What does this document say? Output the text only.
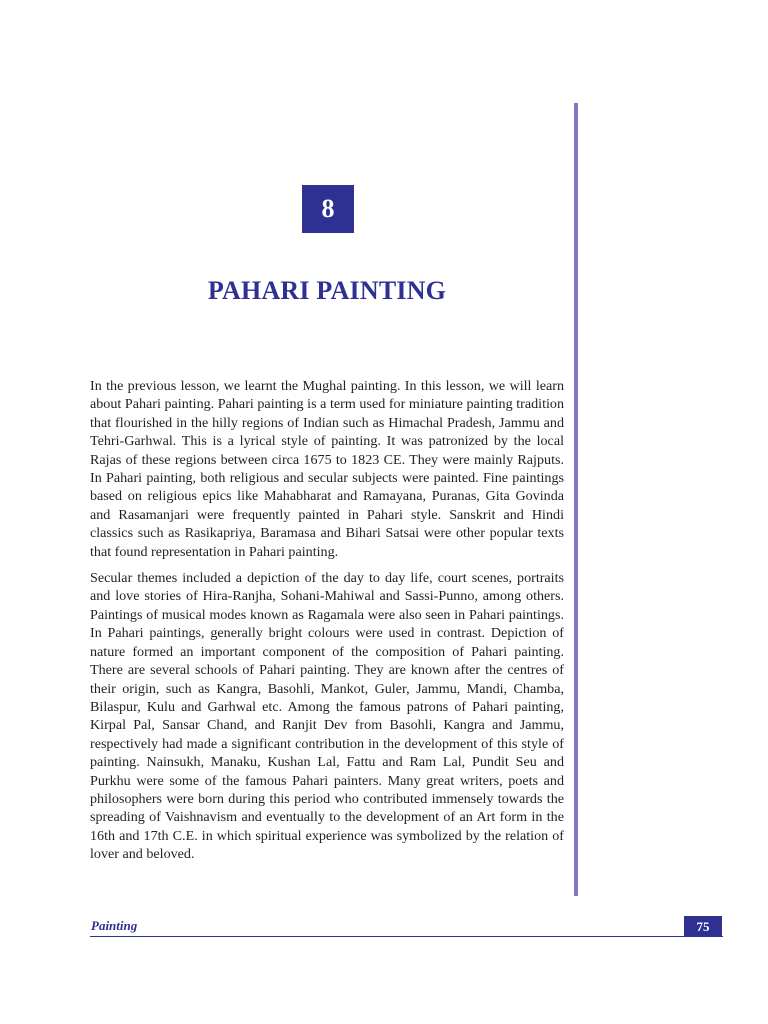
8
PAHARI PAINTING

In the previous lesson, we learnt the Mughal painting. In this lesson, we will learn about Pahari painting. Pahari painting is a term used for miniature painting tradition that flourished in the hilly regions of Indian such as Himachal Pradesh, Jammu and Tehri-Garhwal. This is a lyrical style of painting. It was patronized by the local Rajas of these regions between circa 1675 to 1823 CE. They were mainly Rajputs. In Pahari painting, both religious and secular subjects were painted. Fine paintings based on religious epics like Mahabharat and Ramayana, Puranas, Gita Govinda and Rasamanjari were frequently painted in Pahari style. Sanskrit and Hindi classics such as Rasikapriya, Baramasa and Bihari Satsai were other popular texts that found representation in Pahari painting.

Secular themes included a depiction of the day to day life, court scenes, portraits and love stories of Hira-Ranjha, Sohani-Mahiwal and Sassi-Punno, among others. Paintings of musical modes known as Ragamala were also seen in Pahari paintings. In Pahari paintings, generally bright colours were used in contrast. Depiction of nature formed an important component of the composition of Pahari painting. There are several schools of Pahari painting. They are known after the centres of their origin, such as Kangra, Basohli, Mankot, Guler, Jammu, Mandi, Chamba, Bilaspur, Kulu and Garhwal etc. Among the famous patrons of Pahari painting, Kirpal Pal, Sansar Chand, and Ranjit Dev from Basohli, Kangra and Jammu, respectively had made a significant contribution in the development of this style of painting. Nainsukh, Manaku, Kushan Lal, Fattu and Ram Lal, Pundit Seu and Purkhu were some of the famous Pahari painters. Many great writers, poets and philosophers were born during this period who contributed immensely towards the spreading of Vaishnavism and eventually to the development of an Art form in the 16th and 17th C.E. in which spiritual experience was symbolized by the relation of lover and beloved.

Painting	75
